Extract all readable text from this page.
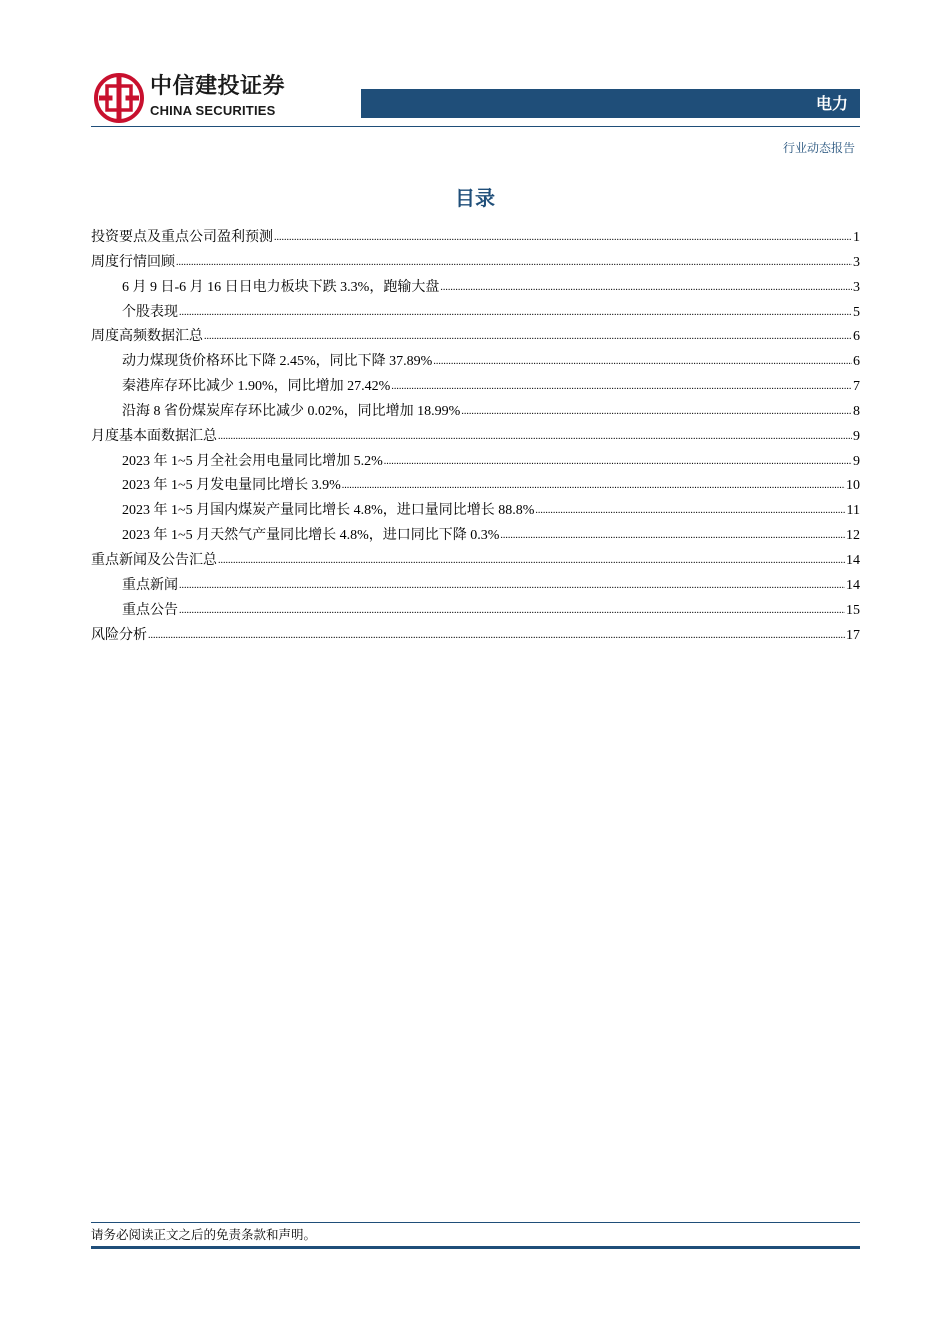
中信建投证券
CHINA SECURITIES	电力
行业动态报告
目录
投资要点及重点公司盈利预测 .....	1
周度行情回顾 .....	3
6 月 9 日-6 月 16 日日电力板块下跌 3.3%，跑输大盘 .....	3
个股表现 .....	5
周度高频数据汇总 .....	6
动力煤现货价格环比下降 2.45%，同比下降 37.89% .....	6
秦港库存环比减少 1.90%，同比增加 27.42% .....	7
沿海 8 省份煤炭库存环比减少 0.02%，同比增加 18.99% .....	8
月度基本面数据汇总 .....	9
2023 年 1~5 月全社会用电量同比增加 5.2% .....	9
2023 年 1~5 月发电量同比增长 3.9% .....	10
2023 年 1~5 月国内煤炭产量同比增长 4.8%，进口量同比增长 88.8% .....	11
2023 年 1~5 月天然气产量同比增长 4.8%，进口同比下降 0.3% .....	12
重点新闻及公告汇总 .....	14
重点新闻 .....	14
重点公告 .....	15
风险分析 .....	17
请务必阅读正文之后的免责条款和声明。
